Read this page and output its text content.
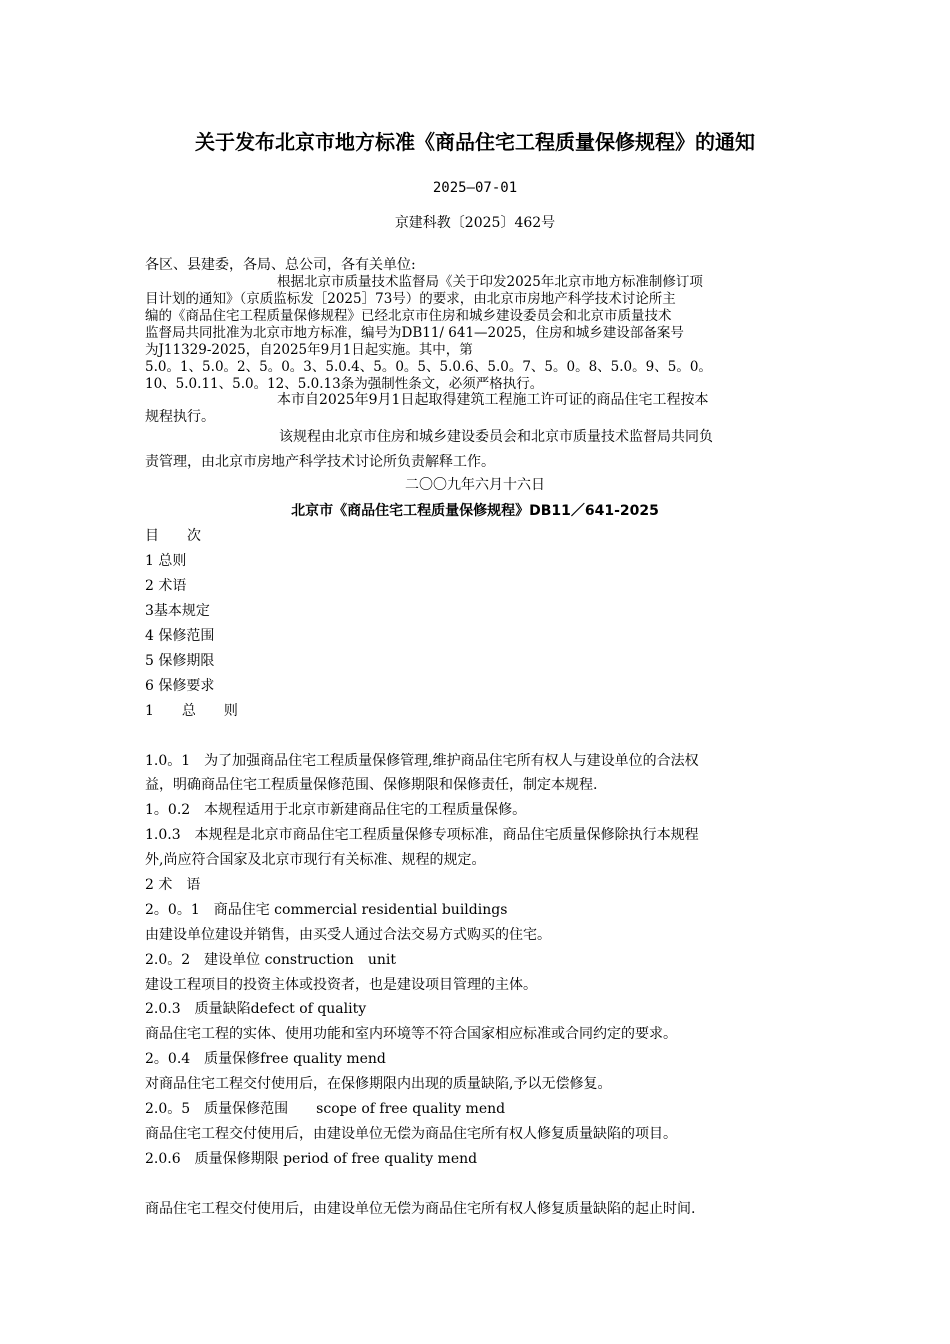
关于发布北京市地方标准《商品住宅工程质量保修规程》的通知
2025—07-01
京建科教〔2025〕462号
各区、县建委，各局、总公司，各有关单位:
根据北京市质量技术监督局《关于印发2025年北京市地方标准制修订项
目计划的通知》（京质监标发［2025］73号）的要求，由北京市房地产科学技术讨论所主
编的《商品住宅工程质量保修规程》已经北京市住房和城乡建设委员会和北京市质量技术
监督局共同批准为北京市地方标准，编号为DB11/ 641—2025，住房和城乡建设部备案号
为J11329-2025，自2025年9月1日起实施。其中，第
5.0。1、5.0。2、5。0。3、5.0.4、5。0。5、5.0.6、5.0。7、5。0。8、5.0。9、5。0。
10、5.0.11、5.0。12、5.0.13条为强制性条文，必须严格执行。
本市自2025年9月1日起取得建筑工程施工许可证的商品住宅工程按本
规程执行。
该规程由北京市住房和城乡建设委员会和北京市质量技术监督局共同负
责管理，由北京市房地产科学技术讨论所负责解释工作。
二〇〇九年六月十六日
北京市《商品住宅工程质量保修规程》DB11／641-2025
目　　次
1 总则
2 术语
3基本规定
4 保修范围
5 保修期限
6 保修要求
1　　总　　则
1.0。1　为了加强商品住宅工程质量保修管理,维护商品住宅所有权人与建设单位的合法权
益，明确商品住宅工程质量保修范围、保修期限和保修责任，制定本规程.
1。0.2　本规程适用于北京市新建商品住宅的工程质量保修。
1.0.3　本规程是北京市商品住宅工程质量保修专项标准，商品住宅质量保修除执行本规程
外,尚应符合国家及北京市现行有关标准、规程的规定。
2 术　语
2。0。1　商品住宅 commercial residential buildings
由建设单位建设并销售，由买受人通过合法交易方式购买的住宅。
2.0。2　建设单位 construction　unit
建设工程项目的投资主体或投资者，也是建设项目管理的主体。
2.0.3　质量缺陷defect of quality
商品住宅工程的实体、使用功能和室内环境等不符合国家相应标准或合同约定的要求。
2。0.4　质量保修free quality mend
对商品住宅工程交付使用后，在保修期限内出现的质量缺陷,予以无偿修复。
2.0。5　质量保修范围　　scope of free quality mend
商品住宅工程交付使用后，由建设单位无偿为商品住宅所有权人修复质量缺陷的项目。
2.0.6　质量保修期限 period of free quality mend
商品住宅工程交付使用后，由建设单位无偿为商品住宅所有权人修复质量缺陷的起止时间.
